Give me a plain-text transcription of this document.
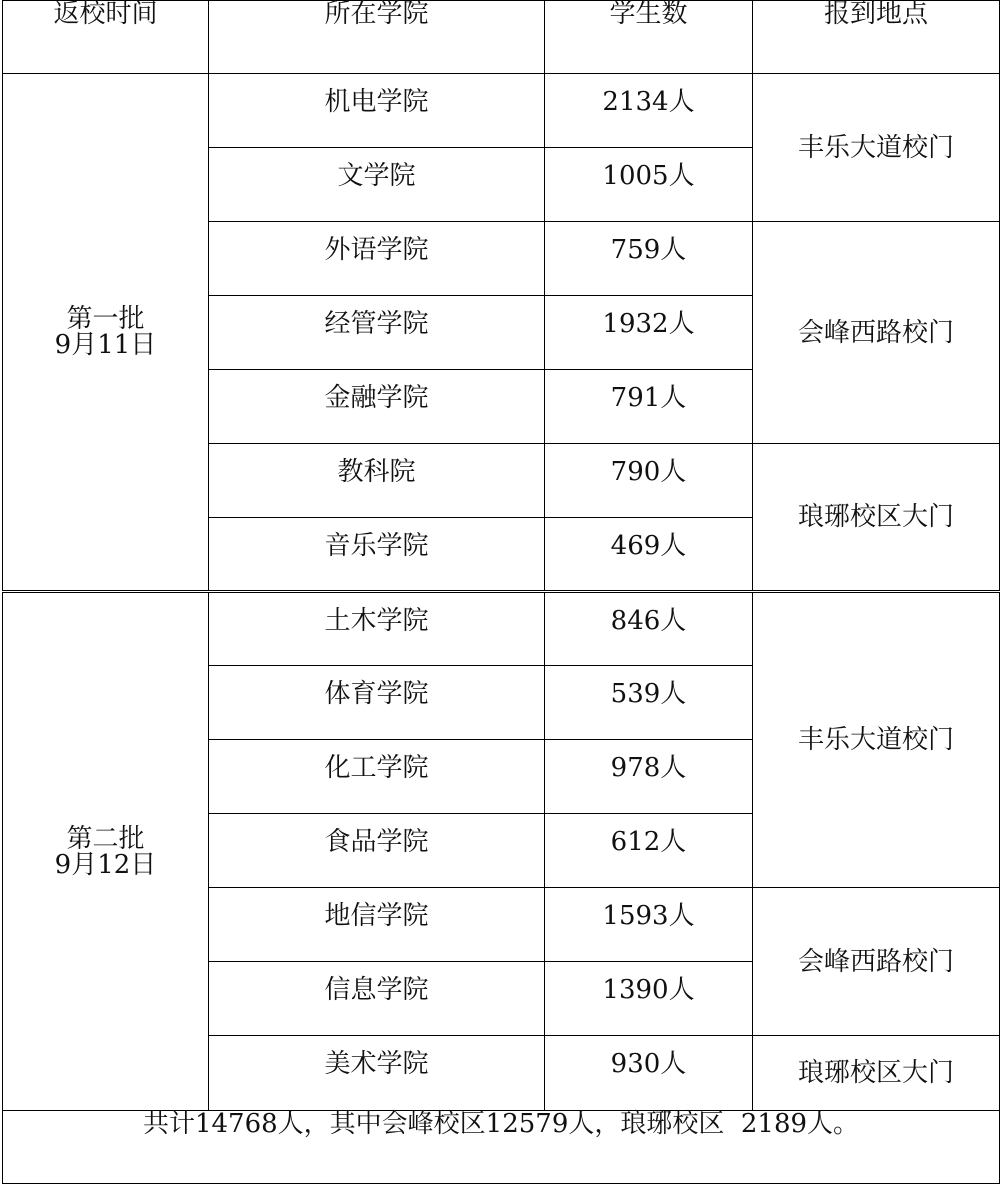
返校时间	所在学院	学生数	报到地点

第一批
9月11日	机电学院	2134人	丰乐大道校门
	文学院	1005人	
	外语学院	759人	会峰西路校门
	经管学院	1932人	
	金融学院	791人	
	教科院	790人	琅琊校区大门
	音乐学院	469人	

第二批
9月12日	土木学院	846人	丰乐大道校门
	体育学院	539人	
	化工学院	978人	
	食品学院	612人	
	地信学院	1593人	会峰西路校门
	信息学院	1390人	
	美术学院	930人	琅琊校区大门
共计14768人，其中会峰校区12579人，琅琊校区  2189人。			
